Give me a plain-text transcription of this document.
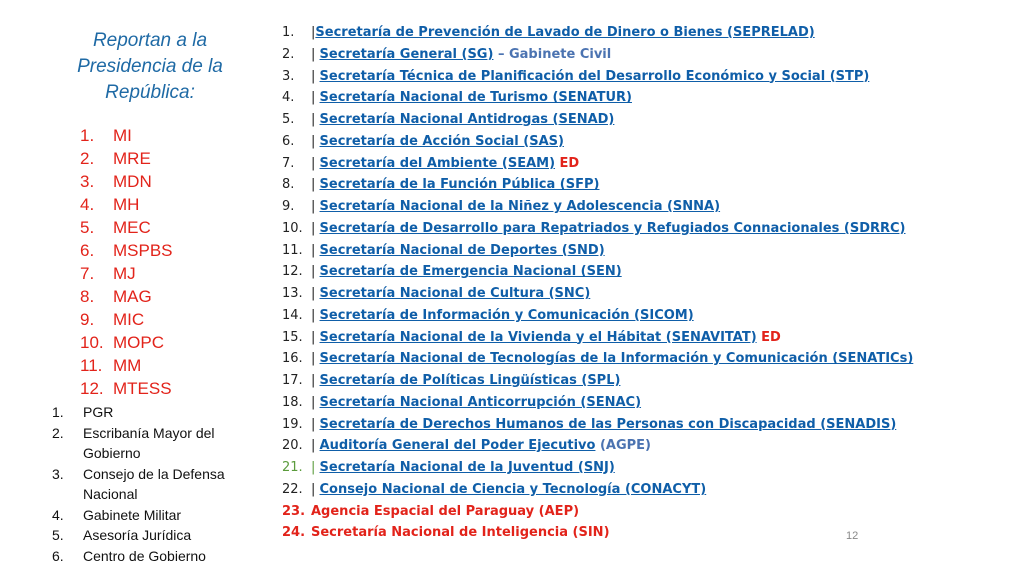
Reportan a la Presidencia de la República:
1.	MI
2.	MRE
3.	MDN
4.	MH
5.	MEC
6.	MSPBS
7.	MJ
8.	MAG
9.	MIC
10. MOPC
11. MM
12. MTESS
1.	PGR
2.	Escribanía Mayor del Gobierno
3.	Consejo de la Defensa Nacional
4.	Gabinete Militar
5.	Asesoría Jurídica
6.	Centro de Gobierno
1.	|Secretaría de Prevención de Lavado de Dinero o Bienes (SEPRELAD)
2.	| Secretaría General (SG) – Gabinete Civil
3.	| Secretaría Técnica de Planificación del Desarrollo Económico y Social (STP)
4.	| Secretaría Nacional de Turismo (SENATUR)
5.	| Secretaría Nacional Antidrogas (SENAD)
6.	| Secretaría de Acción Social (SAS)
7.	| Secretaría del Ambiente (SEAM) ED
8.	| Secretaría de la Función Pública (SFP)
9.	| Secretaría Nacional de la Niñez y Adolescencia (SNNA)
10. | Secretaría de Desarrollo para Repatriados y Refugiados Connacionales (SDRRC)
11. | Secretaría Nacional de Deportes (SND)
12. | Secretaría de Emergencia Nacional (SEN)
13. | Secretaría Nacional de Cultura (SNC)
14. | Secretaría de Información y Comunicación (SICOM)
15. | Secretaría Nacional de la Vivienda y el Hábitat (SENAVITAT) ED
16. | Secretaría Nacional de Tecnologías de la Información y Comunicación (SENATICs)
17. | Secretaría de Políticas Lingüísticas (SPL)
18. | Secretaría Nacional Anticorrupción (SENAC)
19. | Secretaría de Derechos Humanos de las Personas con Discapacidad (SENADIS)
20. | Auditoría General del Poder Ejecutivo (AGPE)
21. | Secretaría Nacional de la Juventud (SNJ)
22. | Consejo Nacional de Ciencia y Tecnología (CONACYT)
23. Agencia Espacial del Paraguay (AEP)
24. Secretaría Nacional de Inteligencia (SIN)	12
